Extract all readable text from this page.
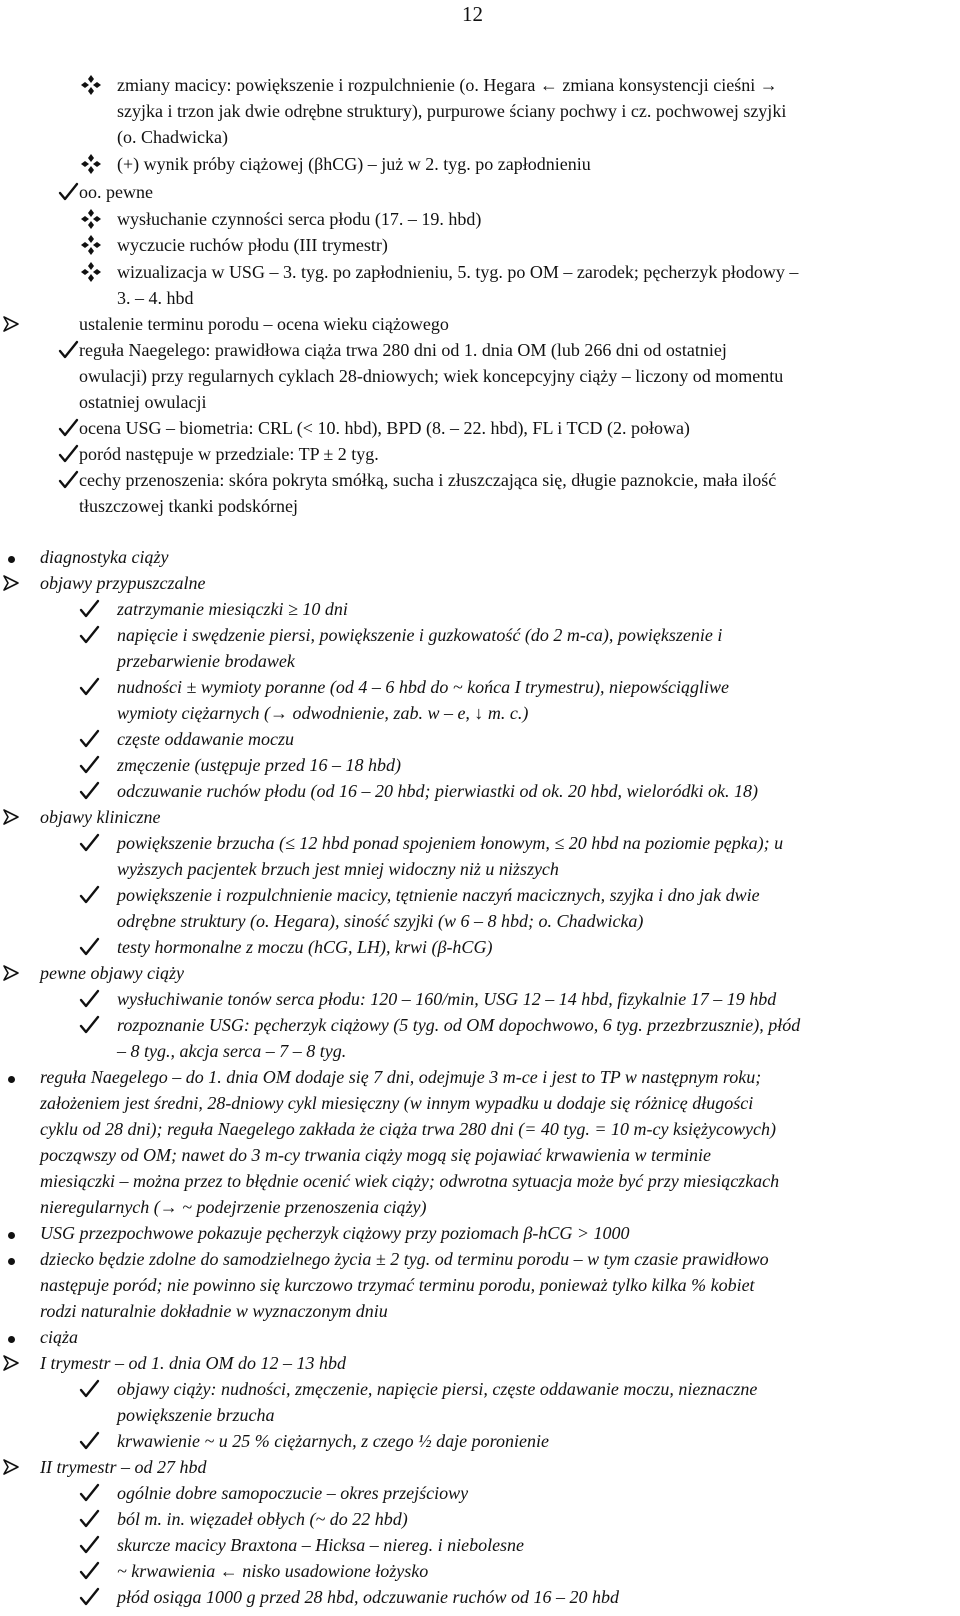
12
zmiany macicy: powiększenie i rozpulchnienie (o. Hegara ← zmiana konsystencji cieśni →
szyjka i trzon jak dwie odrębne struktury), purpurowe ściany pochwy i cz. pochwowej szyjki
(o. Chadwicka)
(+) wynik próby ciążowej (βhCG) – już w 2. tyg. po zapłodnieniu
oo. pewne
wysłuchanie czynności serca płodu (17. – 19. hbd)
wyczucie ruchów płodu (III trymestr)
wizualizacja w USG – 3. tyg. po zapłodnieniu, 5. tyg. po OM – zarodek; pęcherzyk płodowy –
3. – 4. hbd
ustalenie terminu porodu – ocena wieku ciążowego
reguła Naegelego: prawidłowa ciąża trwa 280 dni od 1. dnia OM (lub 266 dni od ostatniej
owulacji) przy regularnych cyklach 28-dniowych; wiek koncepcyjny ciąży – liczony od momentu
ostatniej owulacji
ocena USG – biometria: CRL (< 10. hbd), BPD (8. – 22. hbd), FL i TCD (2. połowa)
poród następuje w przedziale: TP ± 2 tyg.
cechy przenoszenia: skóra pokryta smółką, sucha i złuszczająca się, długie paznokcie, mała ilość
tłuszczowej tkanki podskórnej
diagnostyka ciąży
objawy przypuszczalne
zatrzymanie miesiączki ≥ 10 dni
napięcie i swędzenie piersi, powiększenie i guzkowatość (do 2 m-ca), powiększenie i
przebarwienie brodawek
nudności ± wymioty poranne (od 4 – 6 hbd do ~ końca I trymestru), niepowściągliwe
wymioty ciężarnych (→ odwodnienie, zab. w – e, ↓ m. c.)
częste oddawanie moczu
zmęczenie (ustępuje przed 16 – 18 hbd)
odczuwanie ruchów płodu (od 16 – 20 hbd; pierwiastki od ok. 20 hbd, wieloródki ok. 18)
objawy kliniczne
powiększenie brzucha (≤ 12 hbd ponad spojeniem łonowym, ≤ 20 hbd na poziomie pępka); u
wyższych pacjentek brzuch jest mniej widoczny niż u niższych
powiększenie i rozpulchnienie macicy, tętnienie naczyń macicznych, szyjka i dno jak dwie
odrębne struktury (o. Hegara), siność szyjki (w 6 – 8 hbd; o. Chadwicka)
testy hormonalne z moczu (hCG, LH), krwi (β-hCG)
pewne objawy ciąży
wysłuchiwanie tonów serca płodu: 120 – 160/min, USG 12 – 14 hbd, fizykalnie 17 – 19 hbd
rozpoznanie USG: pęcherzyk ciążowy (5 tyg. od OM dopochwowo, 6 tyg. przezbrzusznie), płód
– 8 tyg., akcja serca – 7 – 8 tyg.
reguła Naegelego – do 1. dnia OM dodaje się 7 dni, odejmuje 3 m-ce i jest to TP w następnym roku;
założeniem jest średni, 28-dniowy cykl miesięczny (w innym wypadku u dodaje się różnicę długości
cyklu od 28 dni); reguła Naegelego zakłada że ciąża trwa 280 dni (= 40 tyg. = 10 m-cy księżycowych)
począwszy od OM; nawet do 3 m-cy trwania ciąży mogą się pojawiać krwawienia w terminie
miesiączki – można przez to błędnie ocenić wiek ciąży; odwrotna sytuacja może być przy miesiączkach
nieregularnych (→ ~ podejrzenie przenoszenia ciąży)
USG przezpochwowe pokazuje pęcherzyk ciążowy przy poziomach β-hCG > 1000
dziecko będzie zdolne do samodzielnego życia ± 2 tyg. od terminu porodu – w tym czasie prawidłowo
następuje poród; nie powinno się kurczowo trzymać terminu porodu, ponieważ tylko kilka % kobiet
rodzi naturalnie dokładnie w wyznaczonym dniu
ciąża
I trymestr – od 1. dnia OM do 12 – 13 hbd
objawy ciąży: nudności, zmęczenie, napięcie piersi, częste oddawanie moczu, nieznaczne
powiększenie brzucha
krwawienie ~ u 25 % ciężarnych, z czego ½ daje poronienie
II trymestr – od 27 hbd
ogólnie dobre samopoczucie – okres przejściowy
ból m. in. więzadeł obłych (~ do 22 hbd)
skurcze macicy Braxtona – Hicksa – niereg. i niebolesne
~ krwawienia ← nisko usadowione łożysko
płód osiąga 1000 g przed 28 hbd, odczuwanie ruchów od 16 – 20 hbd
